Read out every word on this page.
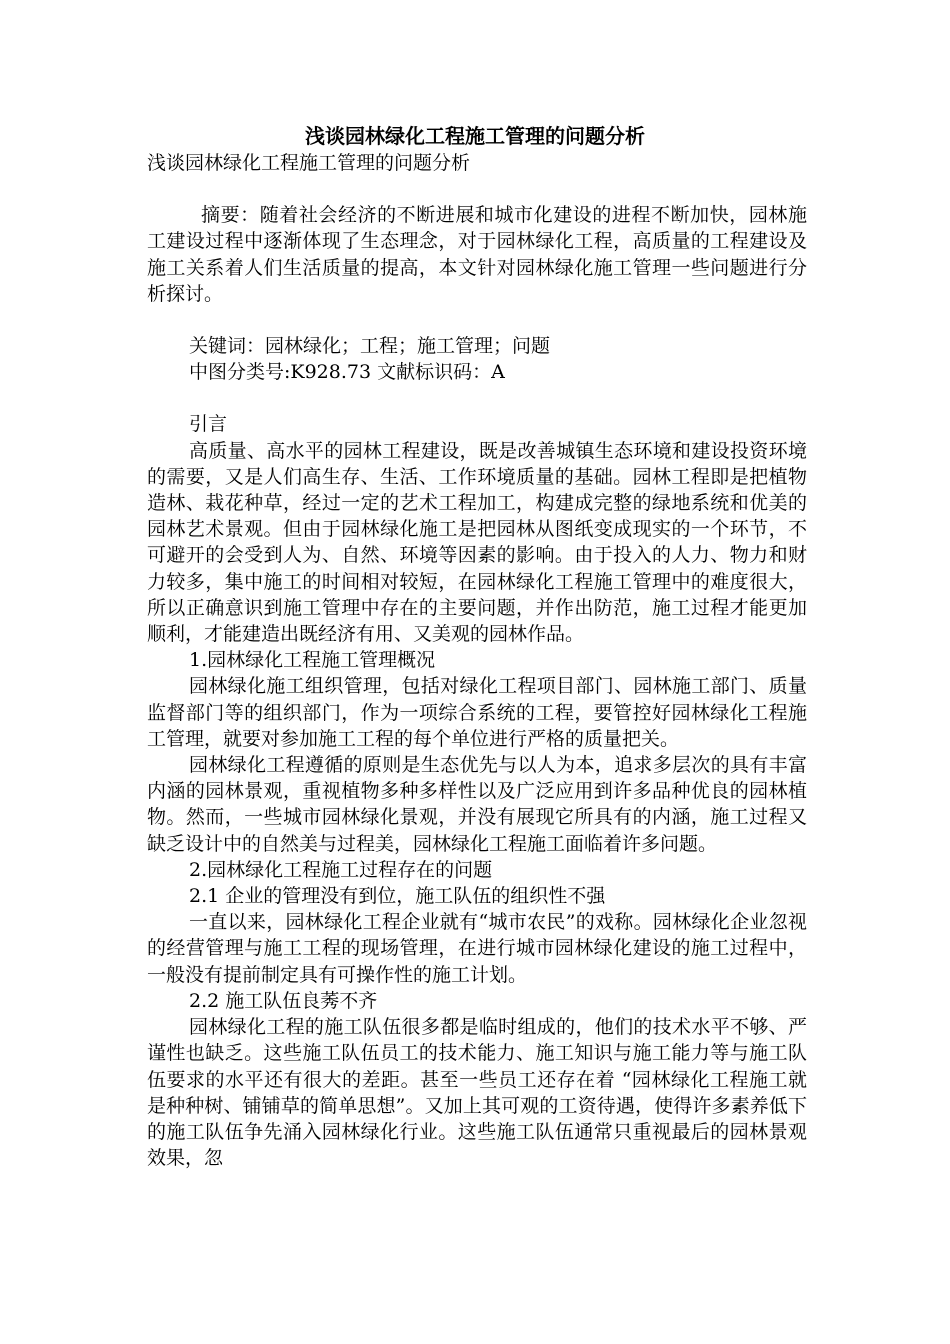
浅谈园林绿化工程施工管理的问题分析

浅谈园林绿化工程施工管理的问题分析

摘要：随着社会经济的不断进展和城市化建设的进程不断加快，园林施工建设过程中逐渐体现了生态理念，对于园林绿化工程，高质量的工程建设及施工关系着人们生活质量的提高，本文针对园林绿化施工管理一些问题进行分析探讨。

关键词：园林绿化；工程；施工管理；问题

中图分类号:K928.73 文献标识码：A

引言

高质量、高水平的园林工程建设，既是改善城镇生态环境和建设投资环境的需要，又是人们高生存、生活、工作环境质量的基础。园林工程即是把植物造林、栽花种草，经过一定的艺术工程加工，构建成完整的绿地系统和优美的园林艺术景观。但由于园林绿化施工是把园林从图纸变成现实的一个环节，不可避开的会受到人为、自然、环境等因素的影响。由于投入的人力、物力和财力较多，集中施工的时间相对较短，在园林绿化工程施工管理中的难度很大，所以正确意识到施工管理中存在的主要问题，并作出防范，施工过程才能更加顺利，才能建造出既经济有用、又美观的园林作品。

1.园林绿化工程施工管理概况

园林绿化施工组织管理，包括对绿化工程项目部门、园林施工部门、质量监督部门等的组织部门，作为一项综合系统的工程，要管控好园林绿化工程施工管理，就要对参加施工工程的每个单位进行严格的质量把关。

园林绿化工程遵循的原则是生态优先与以人为本，追求多层次的具有丰富内涵的园林景观，重视植物多种多样性以及广泛应用到许多品种优良的园林植物。然而，一些城市园林绿化景观，并没有展现它所具有的内涵，施工过程又缺乏设计中的自然美与过程美，园林绿化工程施工面临着许多问题。

2.园林绿化工程施工过程存在的问题

2.1 企业的管理没有到位，施工队伍的组织性不强

一直以来，园林绿化工程企业就有“城市农民”的戏称。园林绿化企业忽视的经营管理与施工工程的现场管理，在进行城市园林绿化建设的施工过程中，一般没有提前制定具有可操作性的施工计划。

2.2 施工队伍良莠不齐

园林绿化工程的施工队伍很多都是临时组成的，他们的技术水平不够、严谨性也缺乏。这些施工队伍员工的技术能力、施工知识与施工能力等与施工队伍要求的水平还有很大的差距。甚至一些员工还存在着 “园林绿化工程施工就是种种树、铺铺草的简单思想”。又加上其可观的工资待遇，使得许多素养低下的施工队伍争先涌入园林绿化行业。这些施工队伍通常只重视最后的园林景观效果，忽
